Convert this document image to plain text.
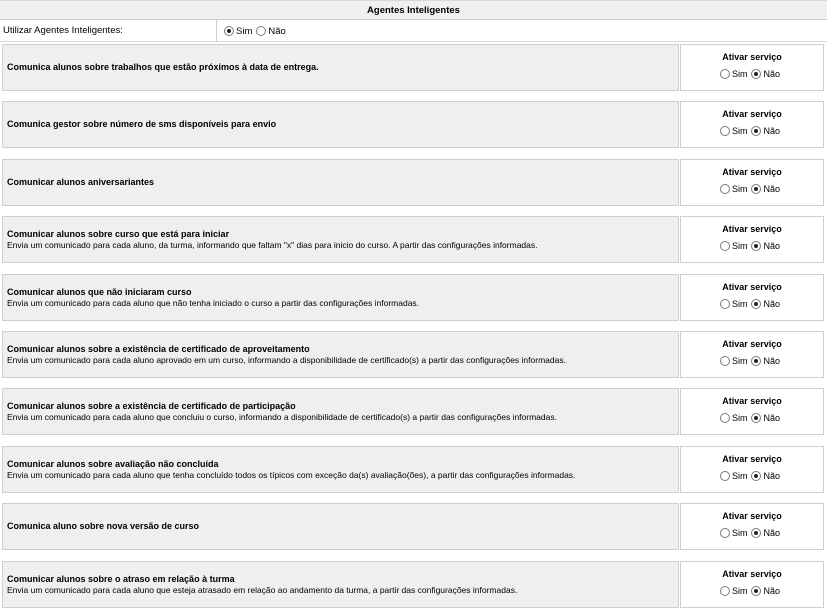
Agentes Inteligentes
Utilizar Agentes Inteligentes:	Sim Não
Comunica alunos sobre trabalhos que estão próximos à data de entrega.
Ativar serviço
Sim Não
Comunica gestor sobre número de sms disponíveis para envio
Ativar serviço
Sim Não
Comunicar alunos aniversariantes
Ativar serviço
Sim Não
Comunicar alunos sobre curso que está para iniciar
Envia um comunicado para cada aluno, da turma, informando que faltam "x" dias para inicio do curso. A partir das configurações informadas.
Ativar serviço
Sim Não
Comunicar alunos que não iniciaram curso
Envia um comunicado para cada aluno que não tenha iniciado o curso a partir das configurações informadas.
Ativar serviço
Sim Não
Comunicar alunos sobre a existência de certificado de aproveitamento
Envia um comunicado para cada aluno aprovado em um curso, informando a disponibilidade de certificado(s) a partir das configurações informadas.
Ativar serviço
Sim Não
Comunicar alunos sobre a existência de certificado de participação
Envia um comunicado para cada aluno que concluiu o curso, informando a disponibilidade de certificado(s) a partir das configurações informadas.
Ativar serviço
Sim Não
Comunicar alunos sobre avaliação não concluída
Envia um comunicado para cada aluno que tenha concluído todos os típicos com exceção da(s) avaliação(ões), a partir das configurações informadas.
Ativar serviço
Sim Não
Comunica aluno sobre nova versão de curso
Ativar serviço
Sim Não
Comunicar alunos sobre o atraso em relação à turma
Envia um comunicado para cada aluno que esteja atrasado em relação ao andamento da turma, a partir das configurações informadas.
Ativar serviço
Sim Não
